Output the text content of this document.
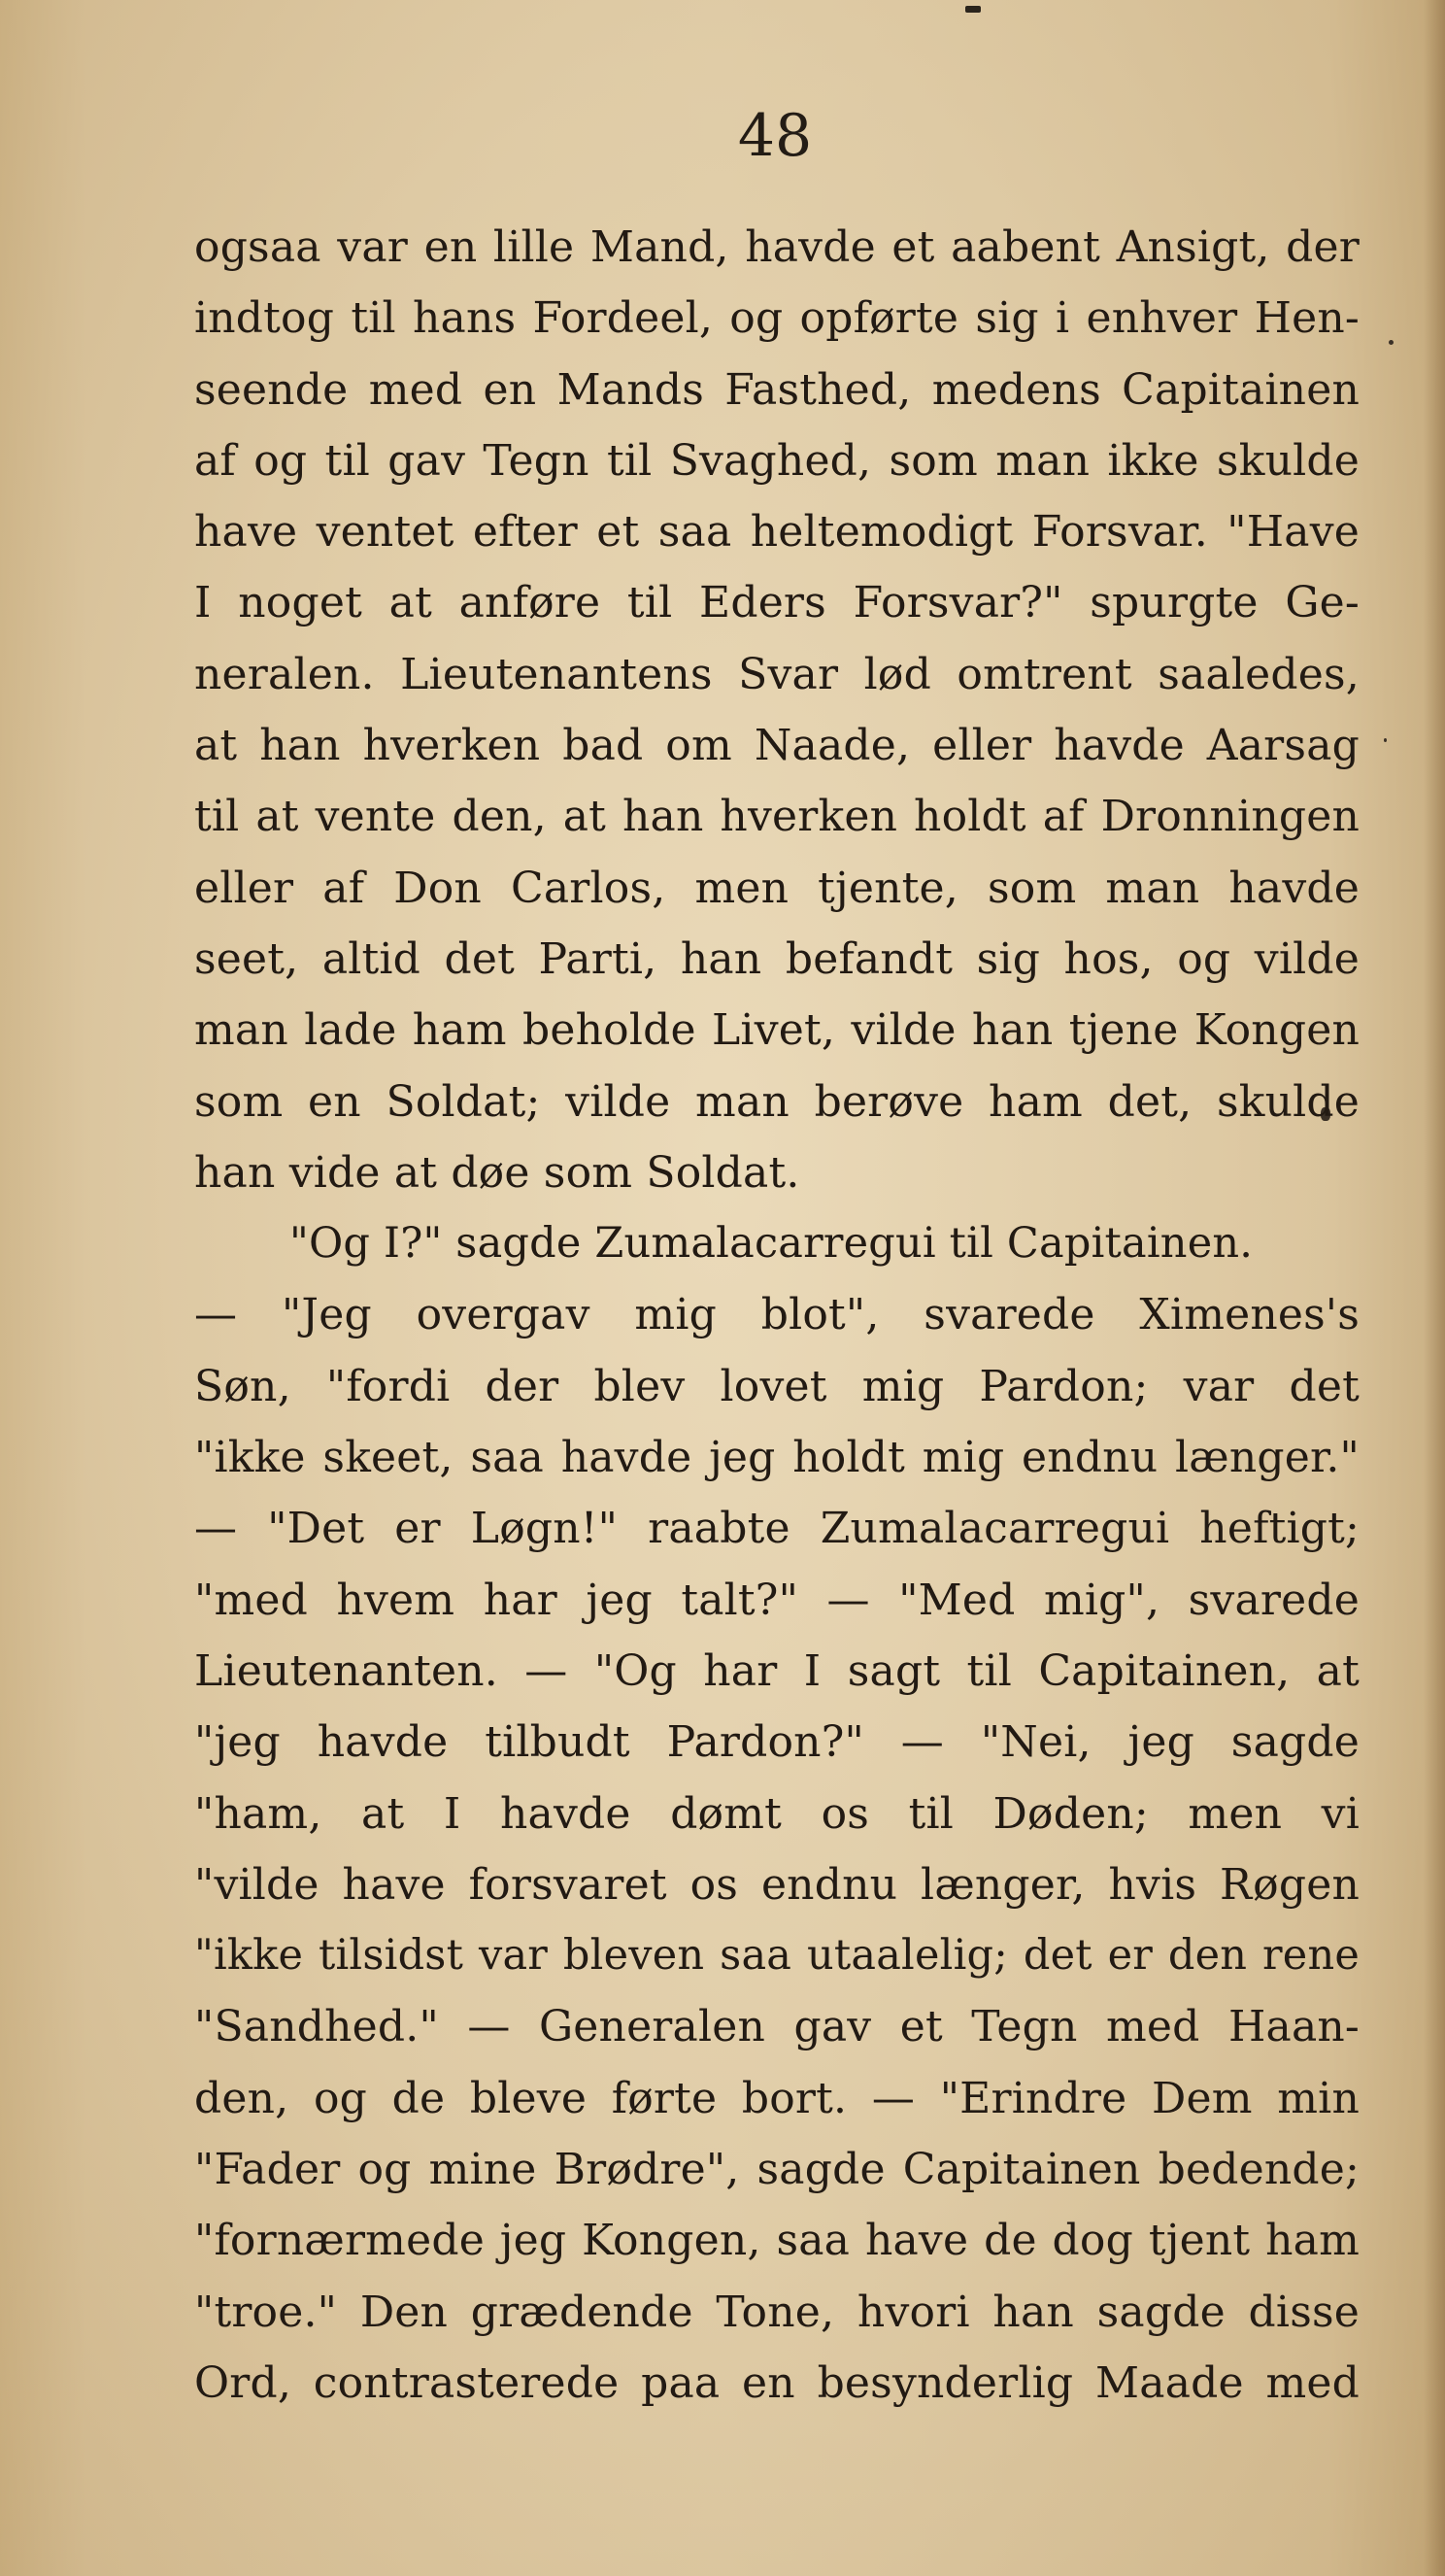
48
ogsaa var en lille Mand, havde et aabent Ansigt, der
indtog til hans Fordeel, og opførte sig i enhver Hen-
seende med en Mands Fasthed, medens Capitainen
af og til gav Tegn til Svaghed, som man ikke skulde
have ventet efter et saa heltemodigt Forsvar. "Have
I noget at anføre til Eders Forsvar?" spurgte Ge-
neralen. Lieutenantens Svar lød omtrent saaledes,
at han hverken bad om Naade, eller havde Aarsag
til at vente den, at han hverken holdt af Dronningen
eller af Don Carlos, men tjente, som man havde
seet, altid det Parti, han befandt sig hos, og vilde
man lade ham beholde Livet, vilde han tjene Kongen
som en Soldat; vilde man berøve ham det, skulde
han vide at døe som Soldat.
"Og I?" sagde Zumalacarregui til Capitainen.
— "Jeg overgav mig blot", svarede Ximenes's
Søn, "fordi der blev lovet mig Pardon; var det
"ikke skeet, saa havde jeg holdt mig endnu længer."
— "Det er Løgn!" raabte Zumalacarregui heftigt;
"med hvem har jeg talt?" — "Med mig", svarede
Lieutenanten. — "Og har I sagt til Capitainen, at
"jeg havde tilbudt Pardon?" — "Nei, jeg sagde
"ham, at I havde dømt os til Døden; men vi
"vilde have forsvaret os endnu længer, hvis Røgen
"ikke tilsidst var bleven saa utaalelig; det er den rene
"Sandhed." — Generalen gav et Tegn med Haan-
den, og de bleve førte bort. — "Erindre Dem min
"Fader og mine Brødre", sagde Capitainen bedende;
"fornærmede jeg Kongen, saa have de dog tjent ham
"troe." Den grædende Tone, hvori han sagde disse
Ord, contrasterede paa en besynderlig Maade med
